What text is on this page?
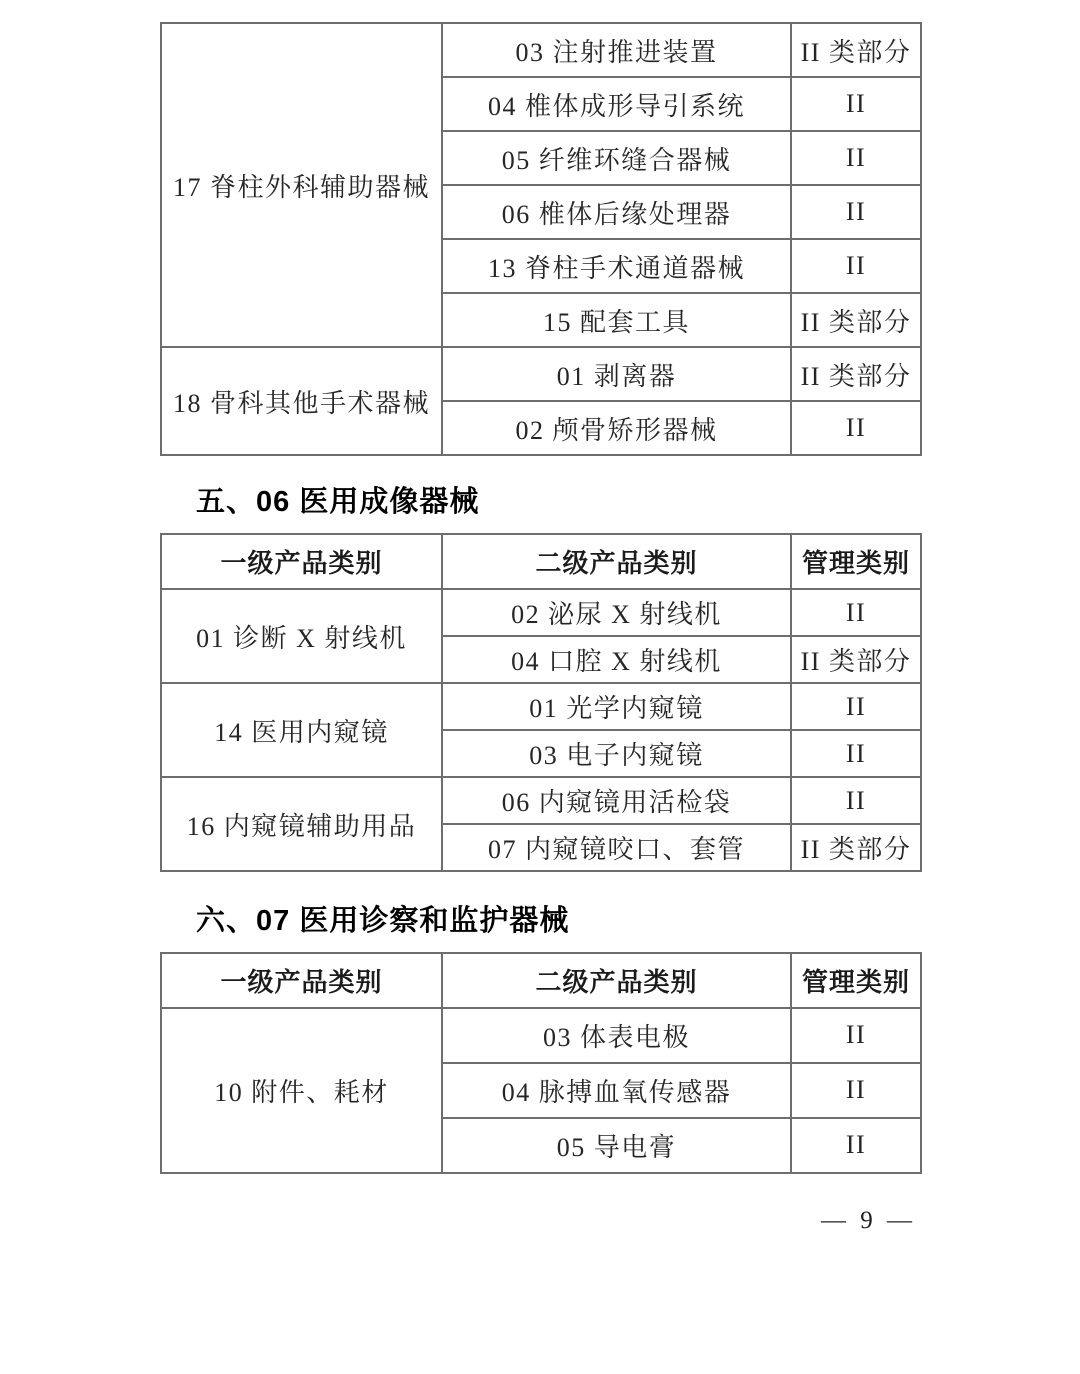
17 脊柱外科辅助器械	03 注射推进装置	II 类部分
	04 椎体成形导引系统	II
	05 纤维环缝合器械	II
	06 椎体后缘处理器	II
	13 脊柱手术通道器械	II
	15 配套工具	II 类部分
18 骨科其他手术器械	01 剥离器	II 类部分
	02 颅骨矫形器械	II
五、06 医用成像器械
一级产品类别	二级产品类别	管理类别
01 诊断 X 射线机	02 泌尿 X 射线机	II
	04 口腔 X 射线机	II 类部分
14 医用内窥镜	01 光学内窥镜	II
	03 电子内窥镜	II
16 内窥镜辅助用品	06 内窥镜用活检袋	II
	07 内窥镜咬口、套管	II 类部分
六、07 医用诊察和监护器械
一级产品类别	二级产品类别	管理类别
10 附件、耗材	03 体表电极	II
	04 脉搏血氧传感器	II
	05 导电膏	II
— 9 —
